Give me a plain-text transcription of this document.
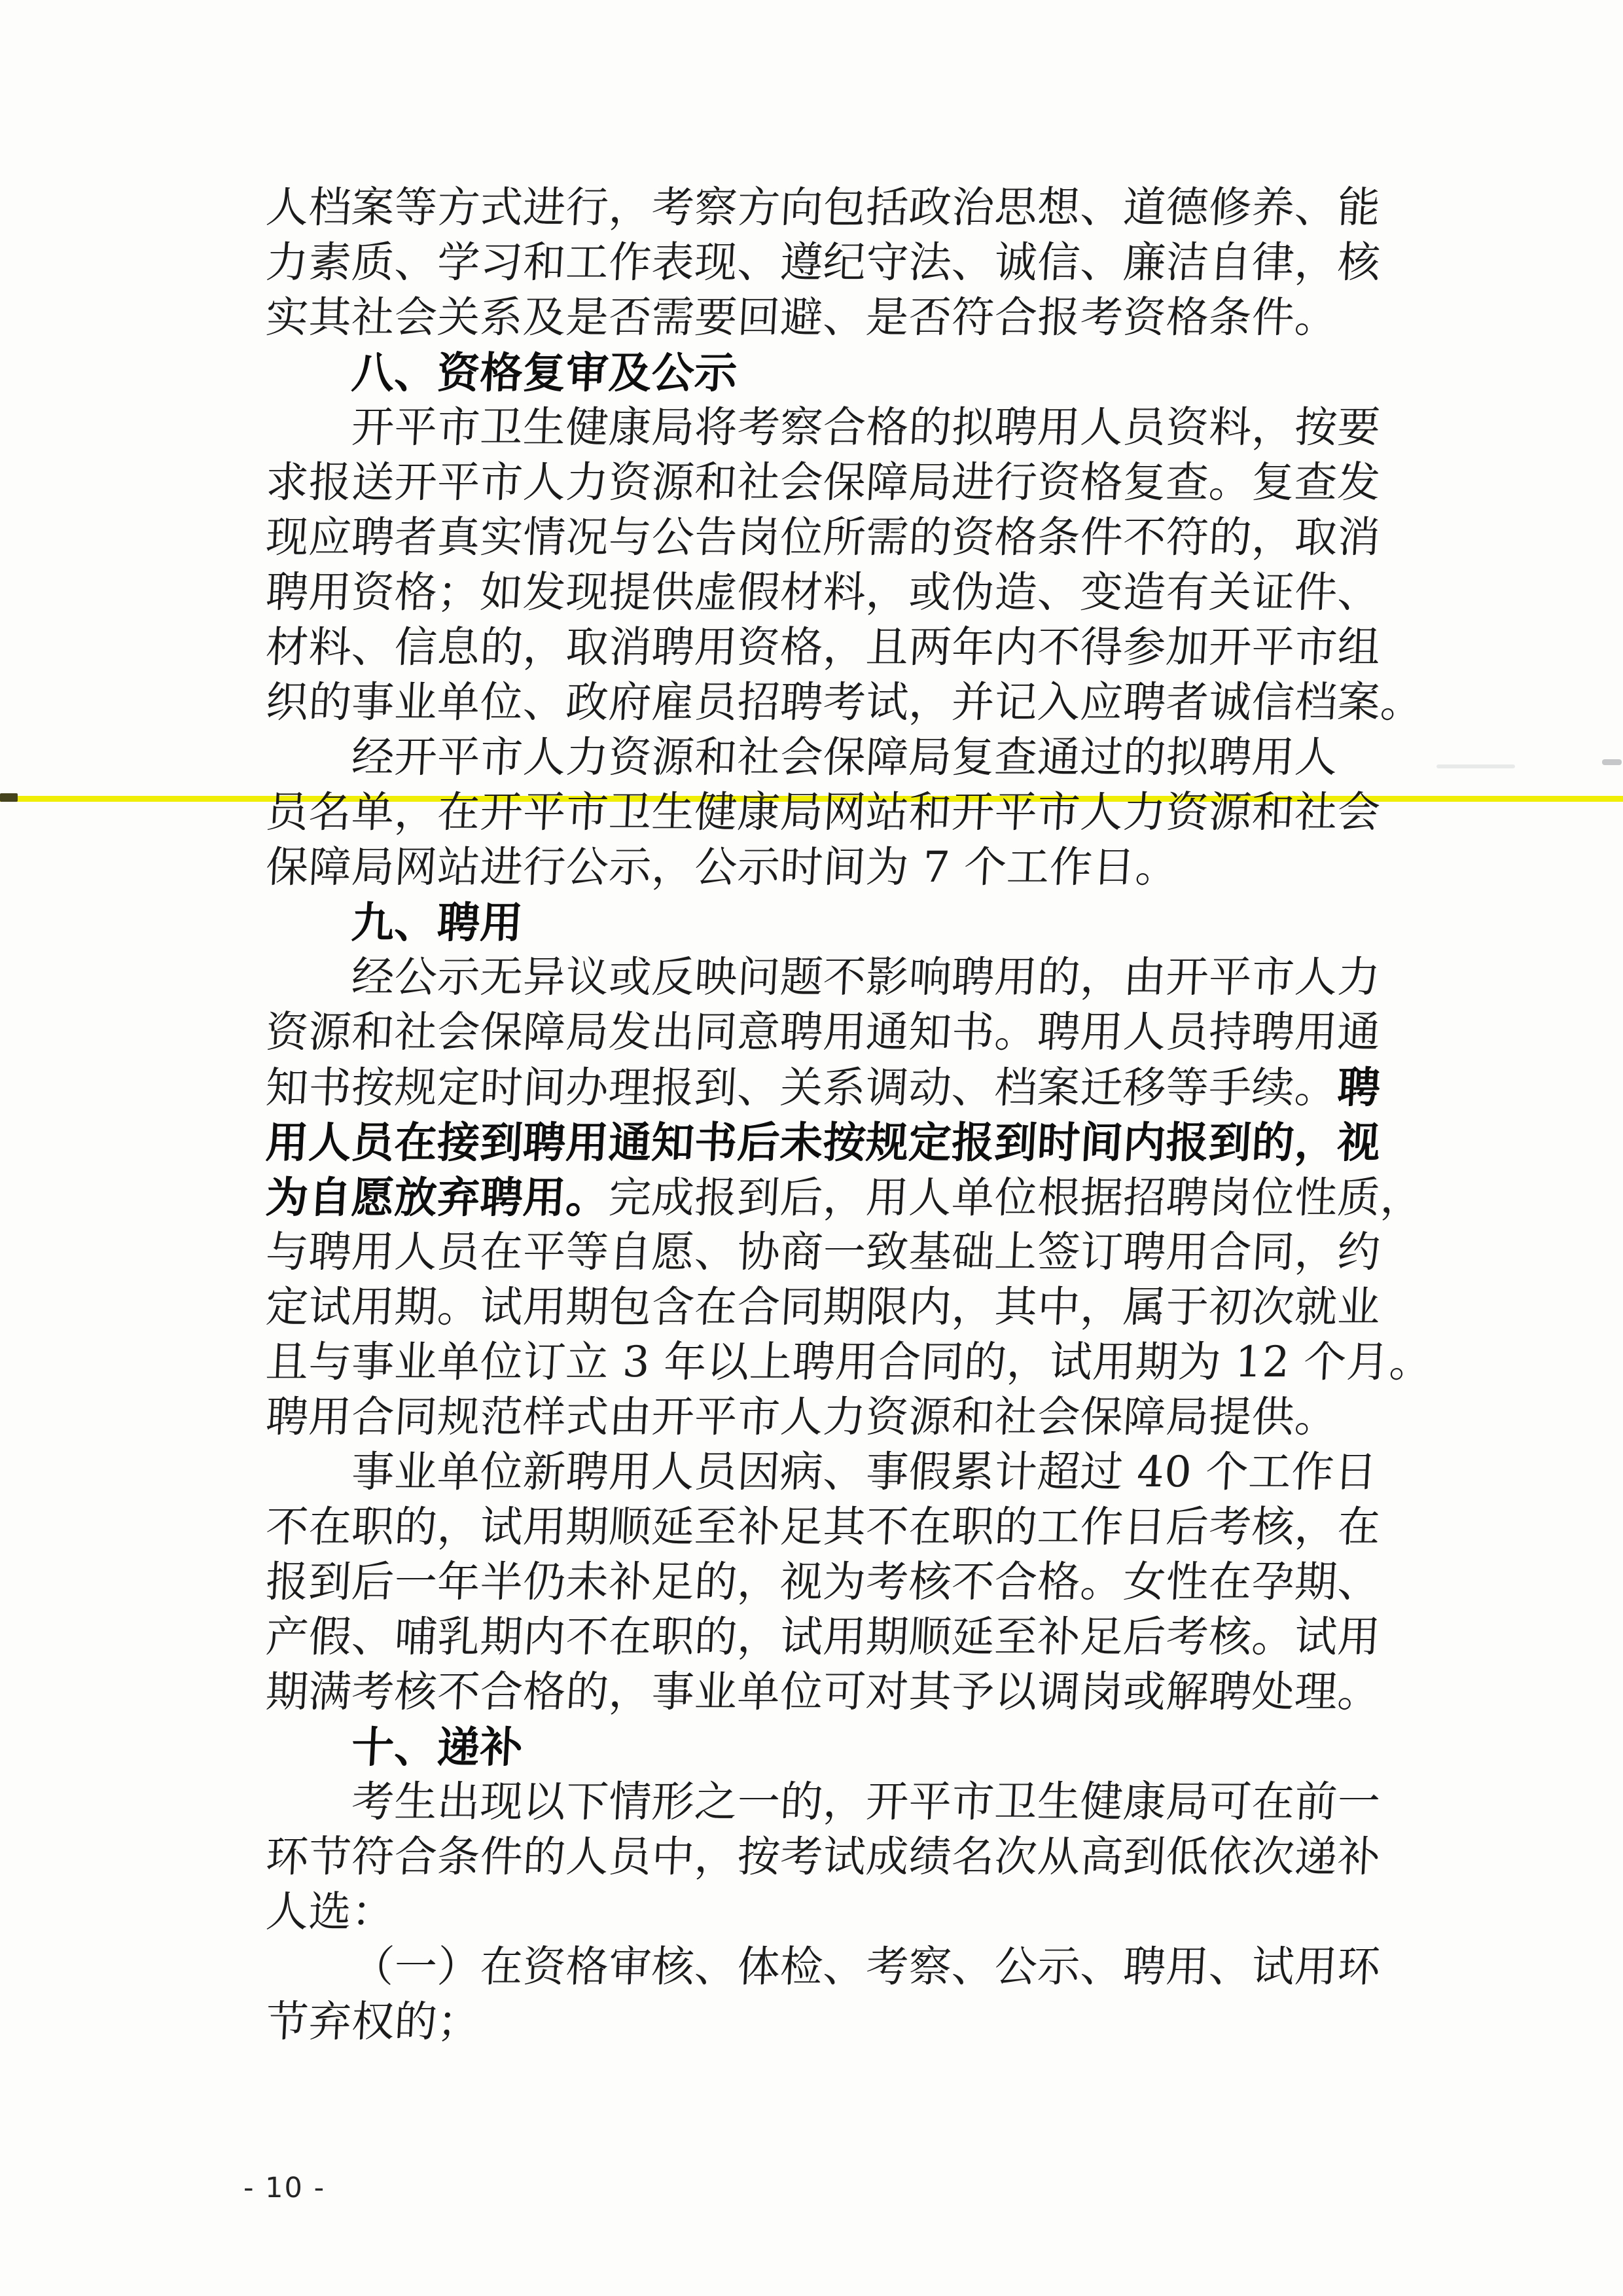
人档案等方式进行，考察方向包括政治思想、道德修养、能
力素质、学习和工作表现、遵纪守法、诚信、廉洁自律，核
实其社会关系及是否需要回避、是否符合报考资格条件。
八、资格复审及公示
开平市卫生健康局将考察合格的拟聘用人员资料，按要
求报送开平市人力资源和社会保障局进行资格复查。复查发
现应聘者真实情况与公告岗位所需的资格条件不符的，取消
聘用资格；如发现提供虚假材料，或伪造、变造有关证件、
材料、信息的，取消聘用资格，且两年内不得参加开平市组
织的事业单位、政府雇员招聘考试，并记入应聘者诚信档案。
经开平市人力资源和社会保障局复查通过的拟聘用人
员名单，在开平市卫生健康局网站和开平市人力资源和社会
保障局网站进行公示，公示时间为 7 个工作日。
九、聘用
经公示无异议或反映问题不影响聘用的，由开平市人力
资源和社会保障局发出同意聘用通知书。聘用人员持聘用通
知书按规定时间办理报到、关系调动、档案迁移等手续。聘
用人员在接到聘用通知书后未按规定报到时间内报到的，视
为自愿放弃聘用。完成报到后，用人单位根据招聘岗位性质，
与聘用人员在平等自愿、协商一致基础上签订聘用合同，约
定试用期。试用期包含在合同期限内，其中，属于初次就业
且与事业单位订立 3 年以上聘用合同的，试用期为 12 个月。
聘用合同规范样式由开平市人力资源和社会保障局提供。
事业单位新聘用人员因病、事假累计超过 40 个工作日
不在职的，试用期顺延至补足其不在职的工作日后考核，在
报到后一年半仍未补足的，视为考核不合格。女性在孕期、
产假、哺乳期内不在职的，试用期顺延至补足后考核。试用
期满考核不合格的，事业单位可对其予以调岗或解聘处理。
十、递补
考生出现以下情形之一的，开平市卫生健康局可在前一
环节符合条件的人员中，按考试成绩名次从高到低依次递补
人选：
（一）在资格审核、体检、考察、公示、聘用、试用环
节弃权的；
- 10 -
